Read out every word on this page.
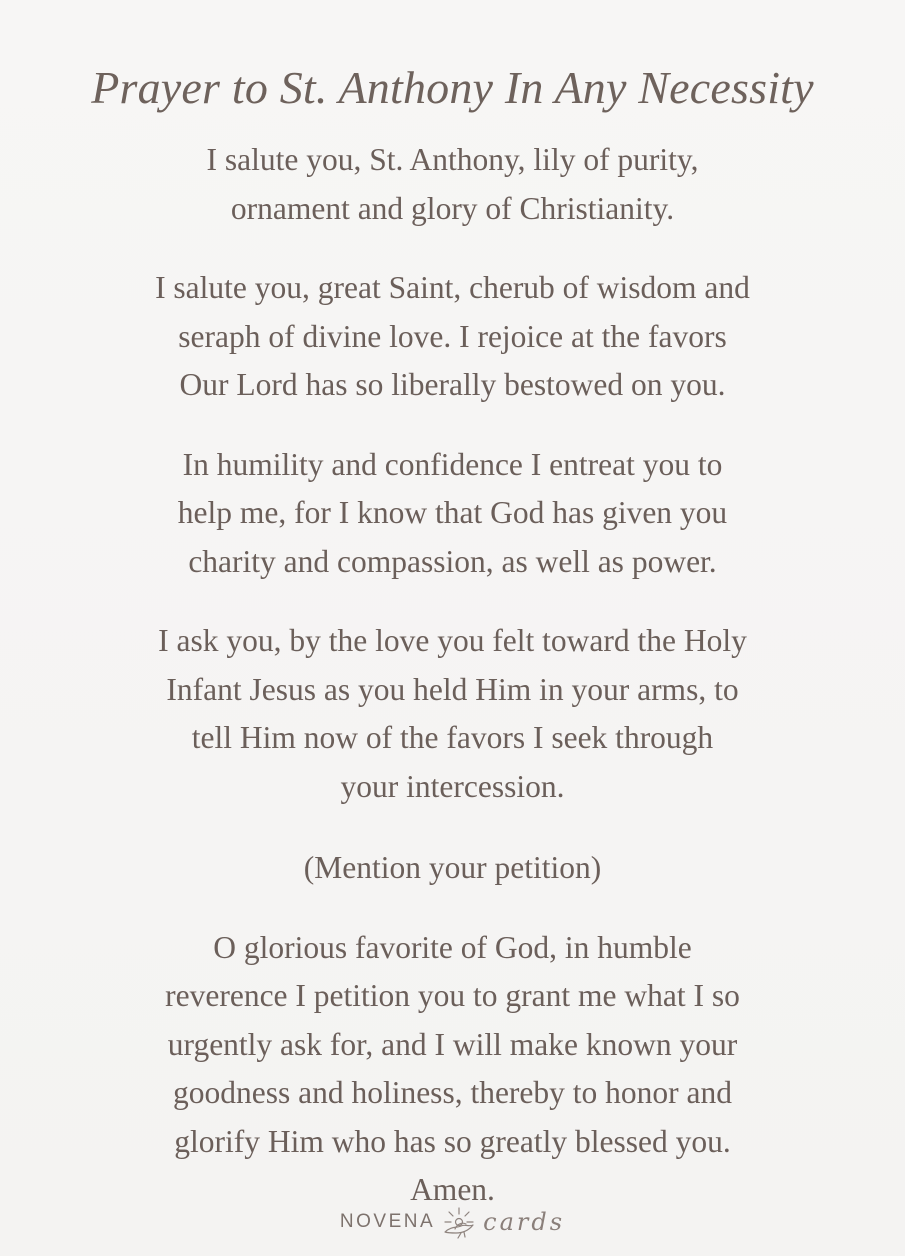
Prayer to St. Anthony In Any Necessity

I salute you, St. Anthony, lily of purity,
ornament and glory of Christianity.

I salute you, great Saint, cherub of wisdom and
seraph of divine love. I rejoice at the favors
Our Lord has so liberally bestowed on you.

In humility and confidence I entreat you to
help me, for I know that God has given you
charity and compassion, as well as power.

I ask you, by the love you felt toward the Holy
Infant Jesus as you held Him in your arms, to
tell Him now of the favors I seek through
your intercession.

(Mention your petition)

O glorious favorite of God, in humble
reverence I petition you to grant me what I so
urgently ask for, and I will make known your
goodness and holiness, thereby to honor and
glorify Him who has so greatly blessed you.
Amen.

NOVENA cards
